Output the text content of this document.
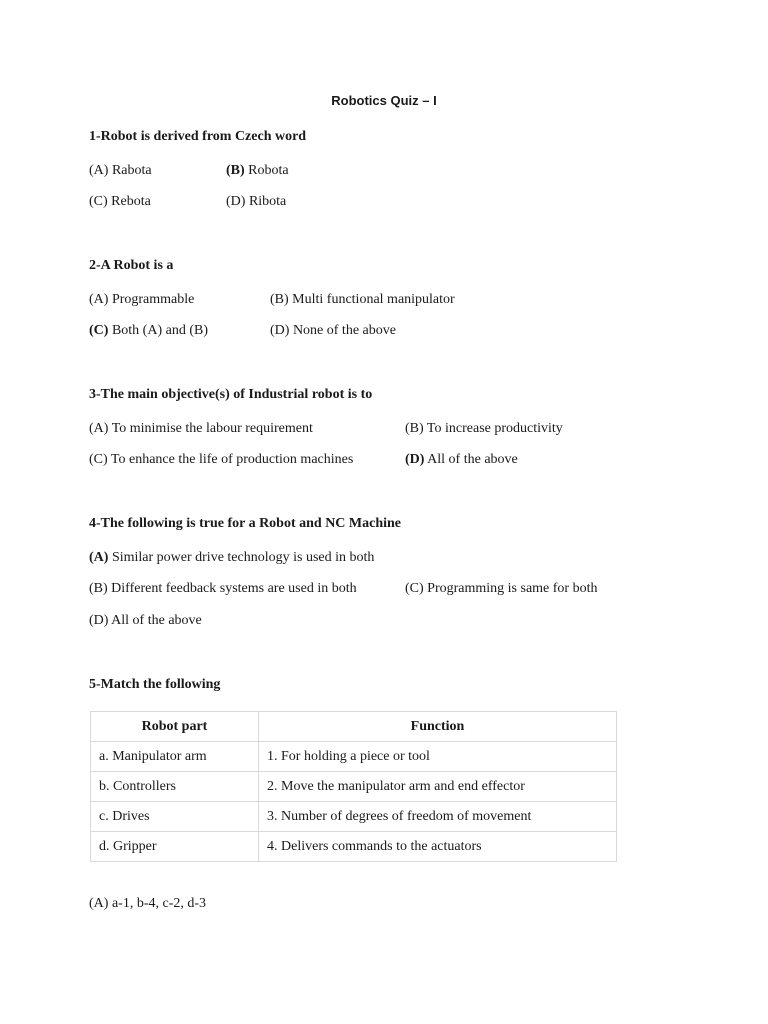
Robotics Quiz – I
1-Robot is derived from Czech word
(A) Rabota	(B) Robota
(C) Rebota	(D) Ribota
2-A Robot is a
(A) Programmable	(B) Multi functional manipulator
(C) Both (A) and (B)	(D) None of the above
3-The main objective(s) of Industrial robot is to
(A) To minimise the labour requirement	(B) To increase productivity
(C) To enhance the life of production machines	(D) All of the above
4-The following is true for a Robot and NC Machine
(A) Similar power drive technology is used in both
(B) Different feedback systems are used in both	(C) Programming is same for both
(D) All of the above
5-Match the following
Robot part	Function
a. Manipulator arm	1. For holding a piece or tool
b. Controllers	2. Move the manipulator arm and end effector
c. Drives	3. Number of degrees of freedom of movement
d. Gripper	4. Delivers commands to the actuators
(A) a-1, b-4, c-2, d-3
